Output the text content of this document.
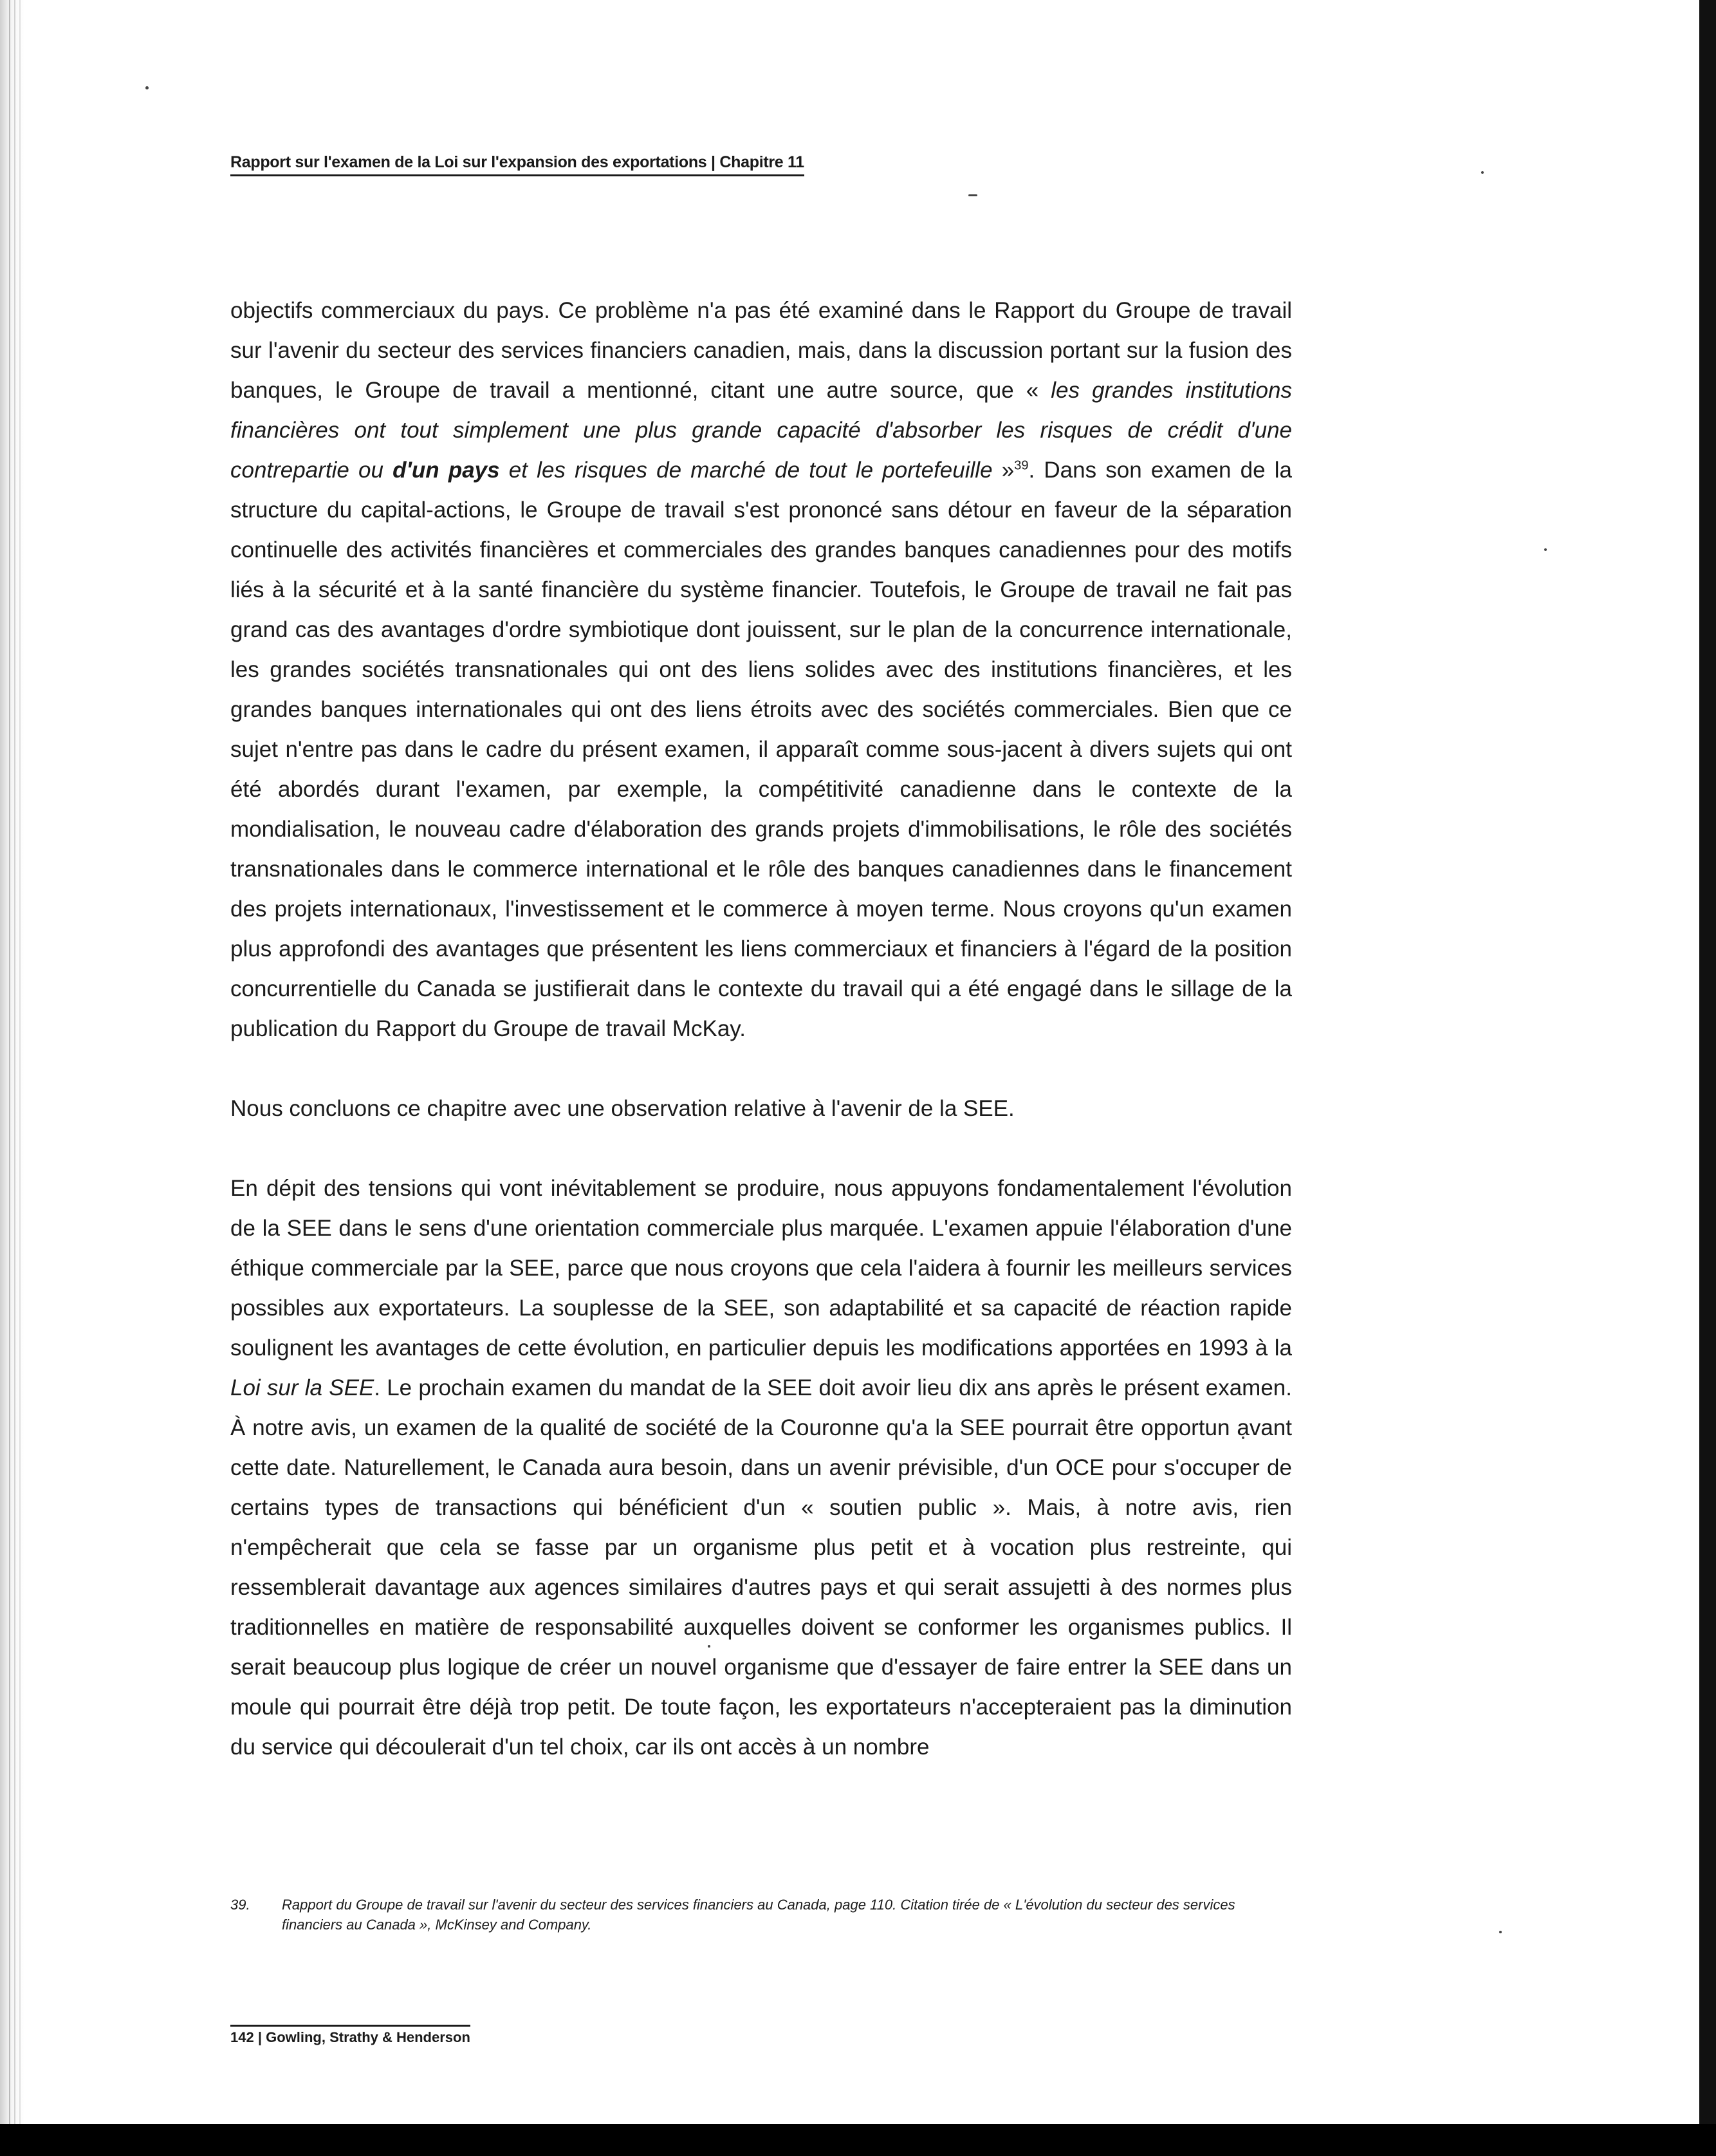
Rapport sur l'examen de la Loi sur l'expansion des exportations | Chapitre 11

objectifs commerciaux du pays. Ce problème n'a pas été examiné dans le Rapport du Groupe de travail sur l'avenir du secteur des services financiers canadien, mais, dans la discussion portant sur la fusion des banques, le Groupe de travail a mentionné, citant une autre source, que « les grandes institutions financières ont tout simplement une plus grande capacité d'absorber les risques de crédit d'une contrepartie ou d'un pays et les risques de marché de tout le portefeuille »$^{39}$. Dans son examen de la structure du capital-actions, le Groupe de travail s'est prononcé sans détour en faveur de la séparation continuelle des activités financières et commerciales des grandes banques canadiennes pour des motifs liés à la sécurité et à la santé financière du système financier. Toutefois, le Groupe de travail ne fait pas grand cas des avantages d'ordre symbiotique dont jouissent, sur le plan de la concurrence internationale, les grandes sociétés transnationales qui ont des liens solides avec des institutions financières, et les grandes banques internationales qui ont des liens étroits avec des sociétés commerciales. Bien que ce sujet n'entre pas dans le cadre du présent examen, il apparaît comme sous-jacent à divers sujets qui ont été abordés durant l'examen, par exemple, la compétitivité canadienne dans le contexte de la mondialisation, le nouveau cadre d'élaboration des grands projets d'immobilisations, le rôle des sociétés transnationales dans le commerce international et le rôle des banques canadiennes dans le financement des projets internationaux, l'investissement et le commerce à moyen terme. Nous croyons qu'un examen plus approfondi des avantages que présentent les liens commerciaux et financiers à l'égard de la position concurrentielle du Canada se justifierait dans le contexte du travail qui a été engagé dans le sillage de la publication du Rapport du Groupe de travail McKay.

Nous concluons ce chapitre avec une observation relative à l'avenir de la SEE.

En dépit des tensions qui vont inévitablement se produire, nous appuyons fondamentalement l'évolution de la SEE dans le sens d'une orientation commerciale plus marquée. L'examen appuie l'élaboration d'une éthique commerciale par la SEE, parce que nous croyons que cela l'aidera à fournir les meilleurs services possibles aux exportateurs. La souplesse de la SEE, son adaptabilité et sa capacité de réaction rapide soulignent les avantages de cette évolution, en particulier depuis les modifications apportées en 1993 à la Loi sur la SEE. Le prochain examen du mandat de la SEE doit avoir lieu dix ans après le présent examen. À notre avis, un examen de la qualité de société de la Couronne qu'a la SEE pourrait être opportun avant cette date. Naturellement, le Canada aura besoin, dans un avenir prévisible, d'un OCE pour s'occuper de certains types de transactions qui bénéficient d'un « soutien public ». Mais, à notre avis, rien n'empêcherait que cela se fasse par un organisme plus petit et à vocation plus restreinte, qui ressemblerait davantage aux agences similaires d'autres pays et qui serait assujetti à des normes plus traditionnelles en matière de responsabilité auxquelles doivent se conformer les organismes publics. Il serait beaucoup plus logique de créer un nouvel organisme que d'essayer de faire entrer la SEE dans un moule qui pourrait être déjà trop petit. De toute façon, les exportateurs n'accepteraient pas la diminution du service qui découlerait d'un tel choix, car ils ont accès à un nombre

39.	Rapport du Groupe de travail sur l'avenir du secteur des services financiers au Canada, page 110. Citation tirée de « L'évolution du secteur des services financiers au Canada », McKinsey and Company.
142 | Gowling, Strathy & Henderson
